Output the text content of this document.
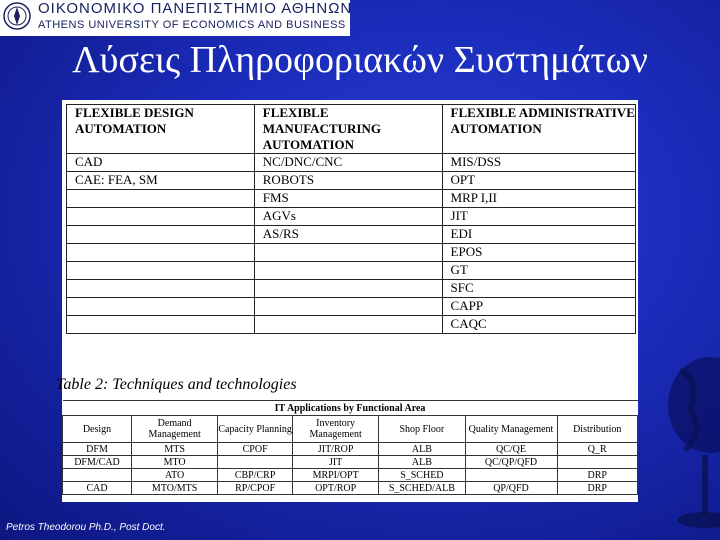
ΟΙΚΟΝΟΜΙΚΟ ΠΑΝΕΠΙΣΤΗΜΙΟ ΑΘΗΝΩΝ
ATHENS UNIVERSITY OF ECONOMICS AND BUSINESS
Λύσεις Πληροφοριακών Συστημάτων
FLEXIBLE DESIGN AUTOMATION	FLEXIBLE MANUFACTURING AUTOMATION	FLEXIBLE ADMINISTRATIVE AUTOMATION
CAD	NC/DNC/CNC	MIS/DSS
CAE: FEA, SM	ROBOTS	OPT
	FMS	MRP I,II
	AGVs	JIT
	AS/RS	EDI
		EPOS
		GT
		SFC
		CAPP
		CAQC
Table 2: Techniques and technologies
IT Applications by Functional Area						
Design	Demand Management	Capacity Planning	Inventory Management	Shop Floor	Quality Management	Distribution
DFM	MTS	CPOF	JIT/ROP	ALB	QC/QE	Q_R
DFM/CAD	MTO		JIT	ALB	QC/QP/QFD	
	ATO	CBP/CRP	MRPI/OPT	S_SCHED		DRP
CAD	MTO/MTS	RP/CPOF	OPT/ROP	S_SCHED/ALB	QP/QFD	DRP
Petros Theodorou Ph.D., Post Doct.
